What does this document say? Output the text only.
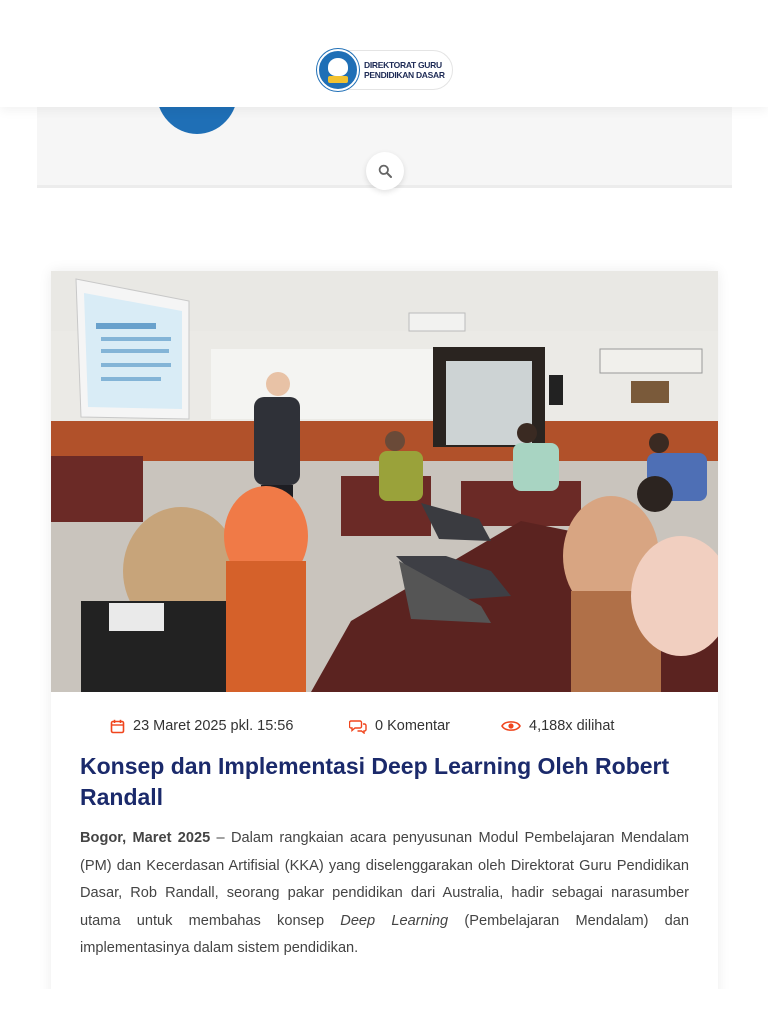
DIREKTORAT GURU
PENDIDIKAN DASAR
23 Maret 2025 pkl. 15:56	0 Komentar	4,188x dilihat
Konsep dan Implementasi Deep Learning Oleh Robert Randall

Bogor, Maret 2025 – Dalam rangkaian acara penyusunan Modul Pembelajaran Mendalam (PM) dan Kecerdasan Artifisial (KKA) yang diselenggarakan oleh Direktorat Guru Pendidikan Dasar, Rob Randall, seorang pakar pendidikan dari Australia, hadir sebagai narasumber utama untuk membahas konsep Deep Learning (Pembelajaran Mendalam) dan implementasinya dalam sistem pendidikan.
